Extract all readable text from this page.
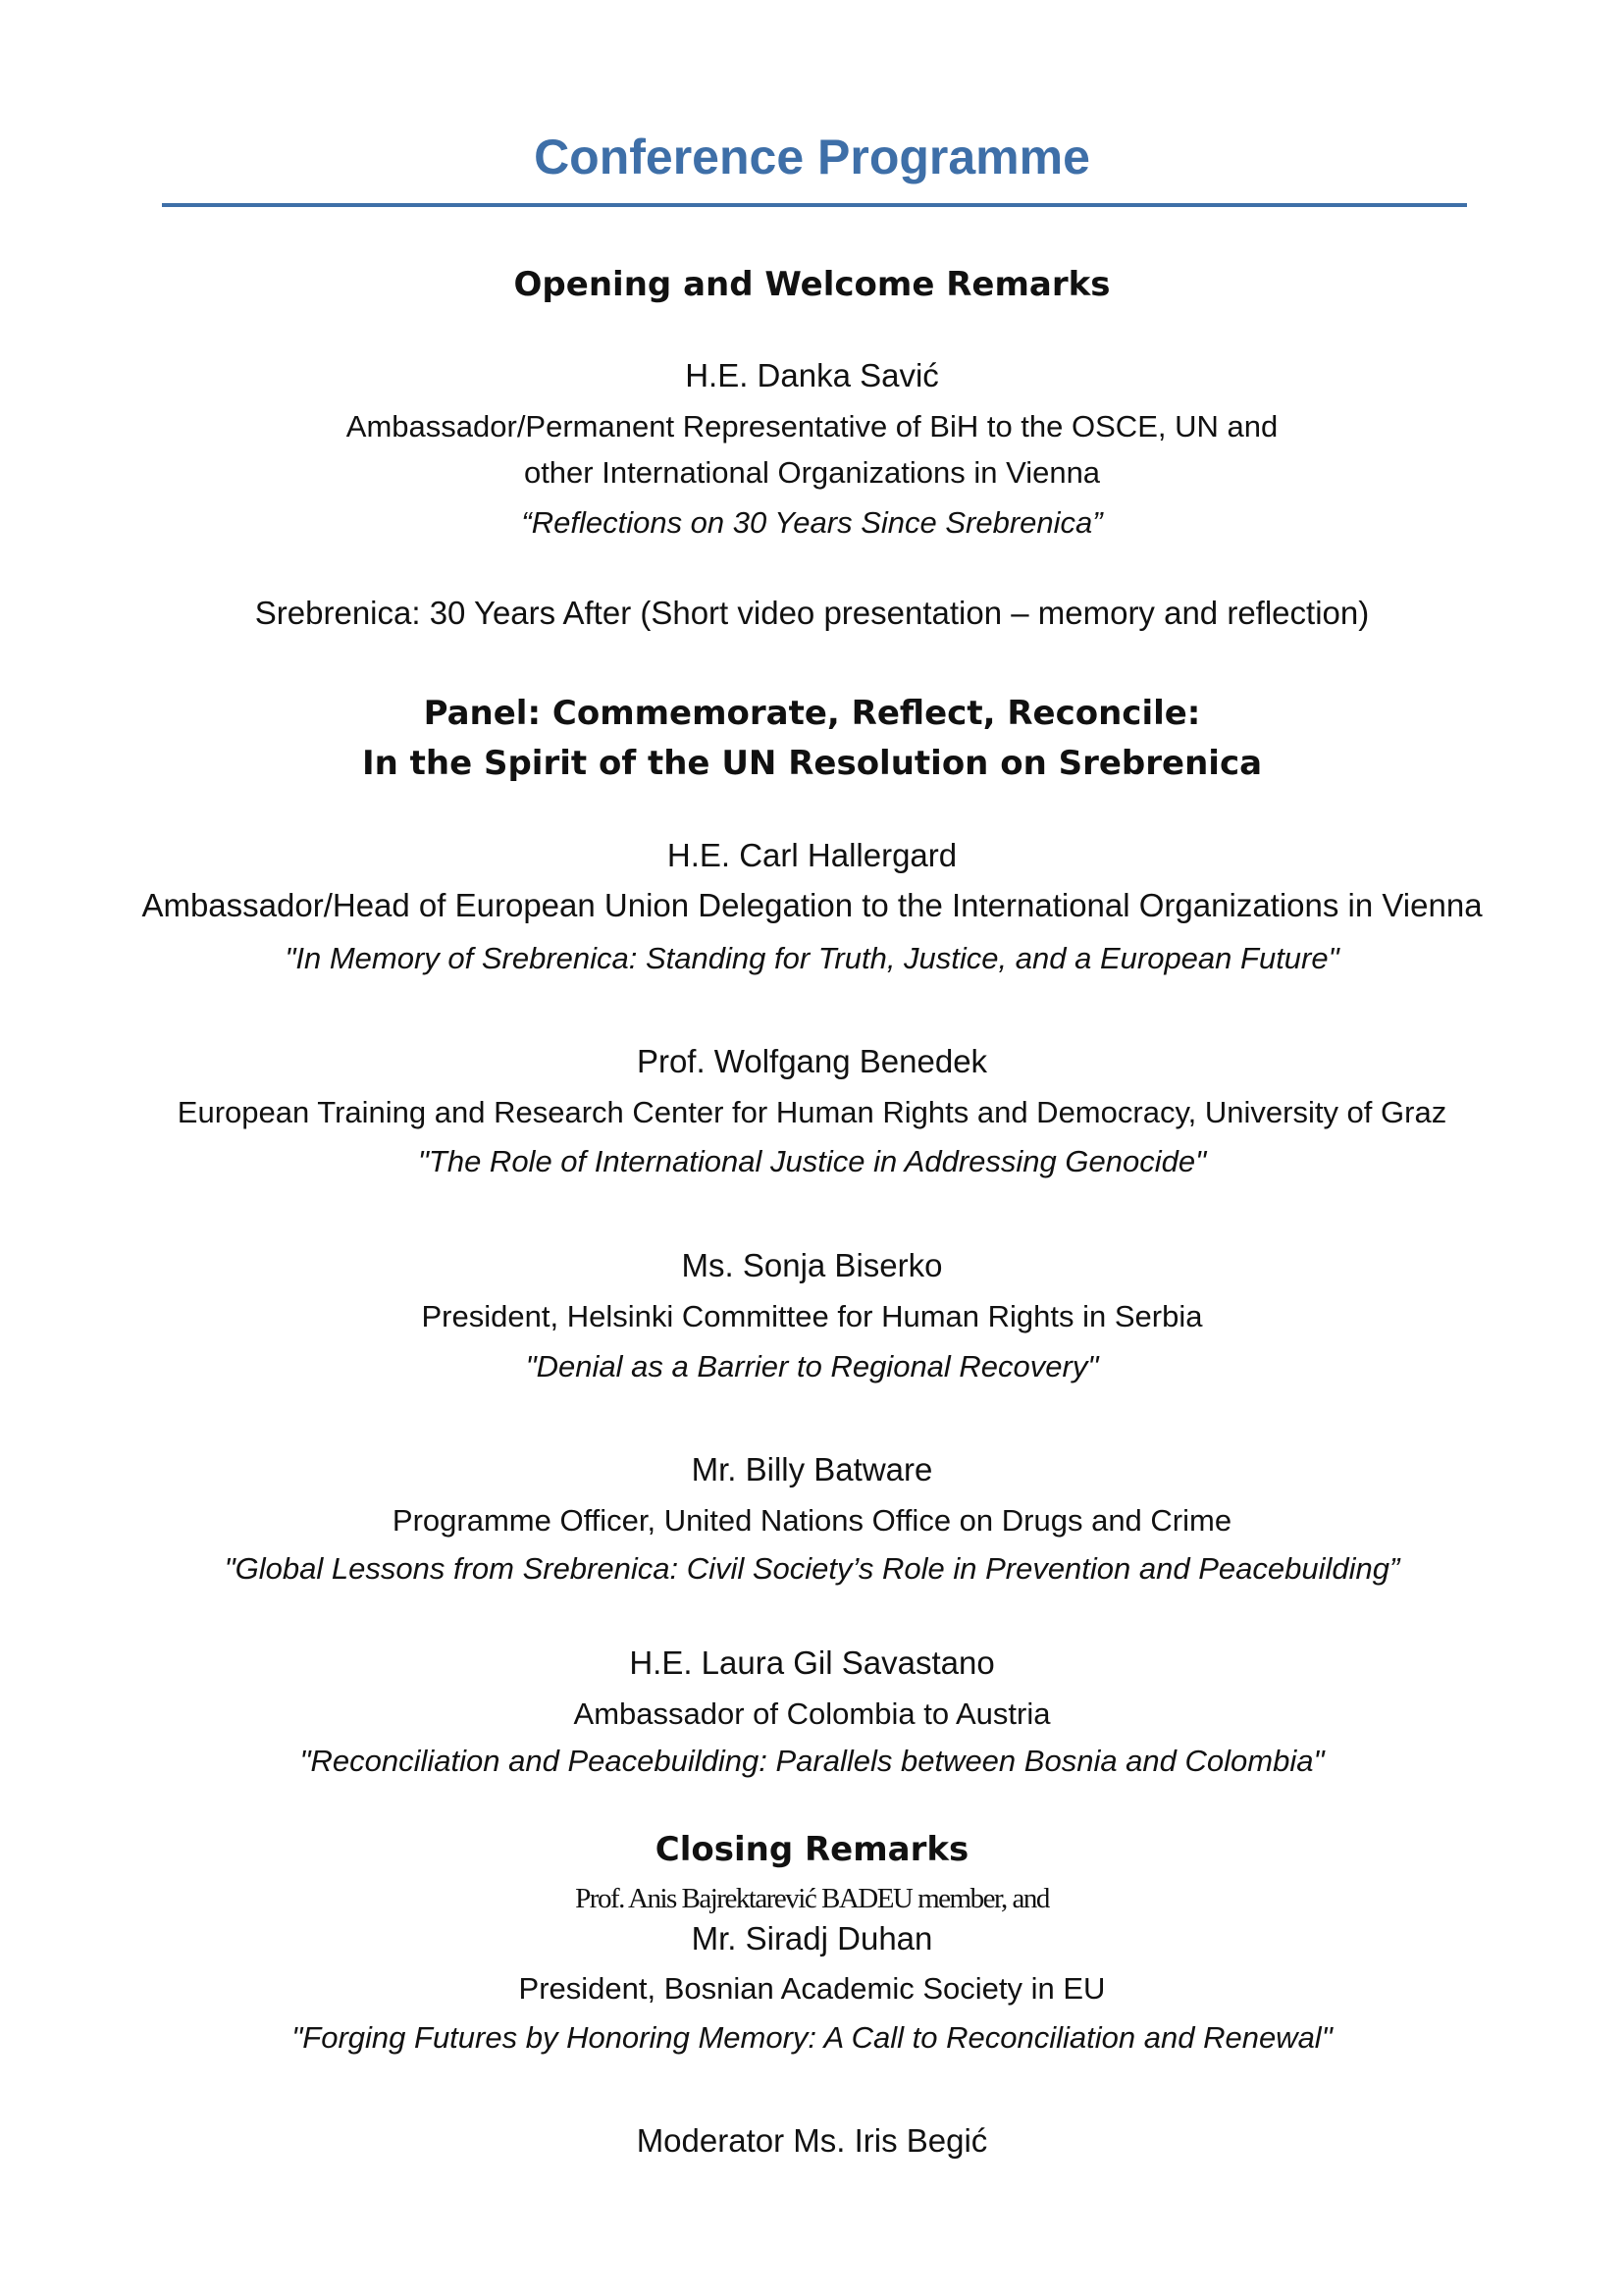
Conference Programme
Opening and Welcome Remarks
H.E. Danka Savić
Ambassador/Permanent Representative of BiH to the OSCE, UN and
other International Organizations in Vienna
“Reflections on 30 Years Since Srebrenica”
Srebrenica: 30 Years After (Short video presentation – memory and reflection)
Panel: Commemorate, Reflect, Reconcile:
In the Spirit of the UN Resolution on Srebrenica
H.E. Carl Hallergard
Ambassador/Head of European Union Delegation to the International Organizations in Vienna
"In Memory of Srebrenica: Standing for Truth, Justice, and a European Future"
Prof. Wolfgang Benedek
European Training and Research Center for Human Rights and Democracy, University of Graz
"The Role of International Justice in Addressing Genocide"
Ms. Sonja Biserko
President, Helsinki Committee for Human Rights in Serbia
"Denial as a Barrier to Regional Recovery"
Mr. Billy Batware
Programme Officer, United Nations Office on Drugs and Crime
"Global Lessons from Srebrenica: Civil Society’s Role in Prevention and Peacebuilding”
H.E. Laura Gil Savastano
Ambassador of Colombia to Austria
"Reconciliation and Peacebuilding: Parallels between Bosnia and Colombia"
Closing Remarks
Prof. Anis Bajrektarević BADEU member, and
Mr. Siradj Duhan
President, Bosnian Academic Society in EU
"Forging Futures by Honoring Memory: A Call to Reconciliation and Renewal"
Moderator Ms. Iris Begić
